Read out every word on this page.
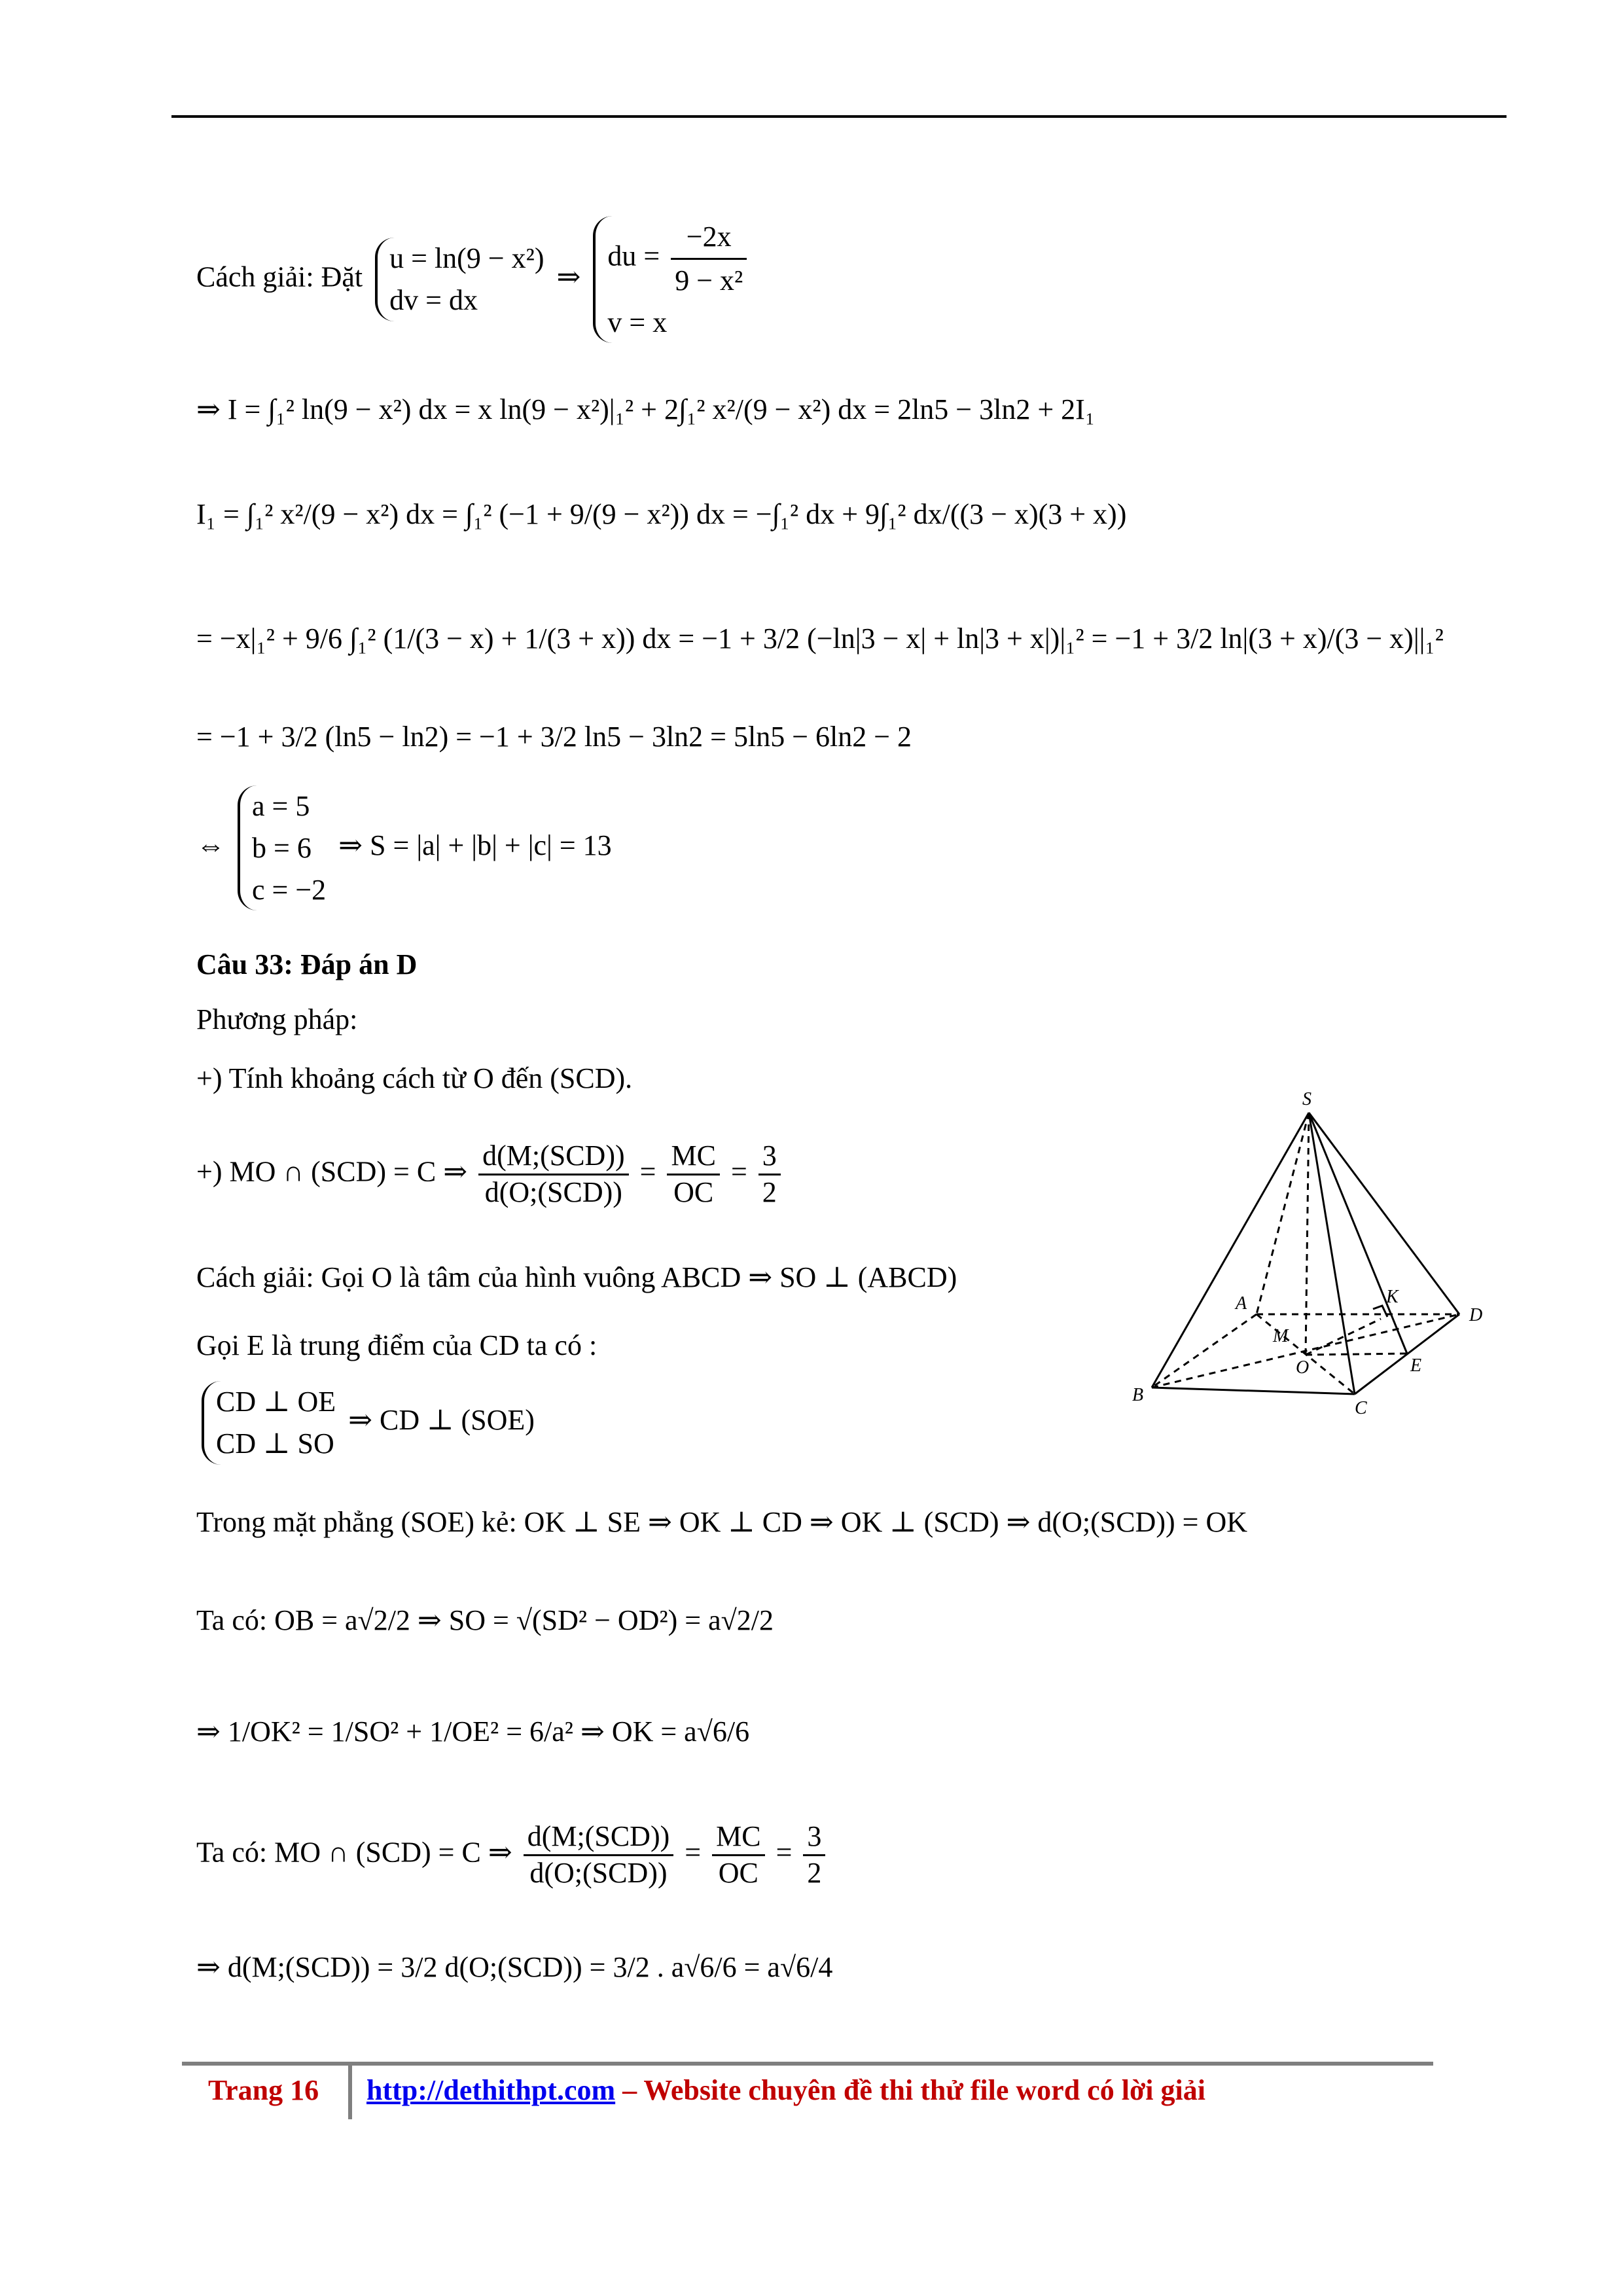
Cách giải: Đặt
u = ln(9 − x²)
dv = dx
⇒
du = $\frac{-2x}{\text{9 − x²}}$
v = x
⇒ I = ∫₁² ln(9 − x²) dx = x ln(9 − x²)|₁² + 2∫₁² x²/(9 − x²) dx = 2ln5 − 3ln2 + 2I₁
I₁ = ∫₁² x²/(9 − x²) dx = ∫₁² (−1 + 9/(9 − x²)) dx = −∫₁² dx + 9∫₁² dx/((3 − x)(3 + x))
= −x|₁² + 9/6 ∫₁² (1/(3 − x) + 1/(3 + x)) dx = −1 + 3/2 (−ln|3 − x| + ln|3 + x|)|₁² = −1 + 3/2 ln|(3 + x)/(3 − x)||₁²
= −1 + 3/2 (ln5 − ln2) = −1 + 3/2 ln5 − 3ln2 = 5ln5 − 6ln2 − 2
⇔
a = 5
b = 6
c = −2
⇒ S = |a| + |b| + |c| = 13
Câu 33: Đáp án D
Phương pháp:
+) Tính khoảng cách từ O đến (SCD).
+) MO ∩ (SCD) = C ⇒ $\frac{\text{d(M;(SCD))}}{\text{d(O;(SCD))}} = \frac{MC}{OC} = \frac{3}{2}$
Cách giải: Gọi O là tâm của hình vuông ABCD ⇒ SO ⊥ (ABCD)
Gọi E là trung điểm của CD ta có :
CD ⊥ OE
CD ⊥ SO
⇒ CD ⊥ (SOE)
Trong mặt phẳng (SOE) kẻ: OK ⊥ SE ⇒ OK ⊥ CD ⇒ OK ⊥ (SCD) ⇒ d(O;(SCD)) = OK
Ta có: OB = a√2/2 ⇒ SO = √(SD² − OD²) = a√2/2
⇒ 1/OK² = 1/SO² + 1/OE² = 6/a² ⇒ OK = a√6/6
Ta có: MO ∩ (SCD) = C ⇒ $\frac{\text{d(M;(SCD))}}{\text{d(O;(SCD))}} = \frac{MC}{OC} = \frac{3}{2}$
⇒ d(M;(SCD)) = 3/2 d(O;(SCD)) = 3/2 . a√6/6 = a√6/4
S
A
B
C
D
E
K
M
O
Trang 16 http://dethithpt.com – Website chuyên đề thi thử file word có lời giải
